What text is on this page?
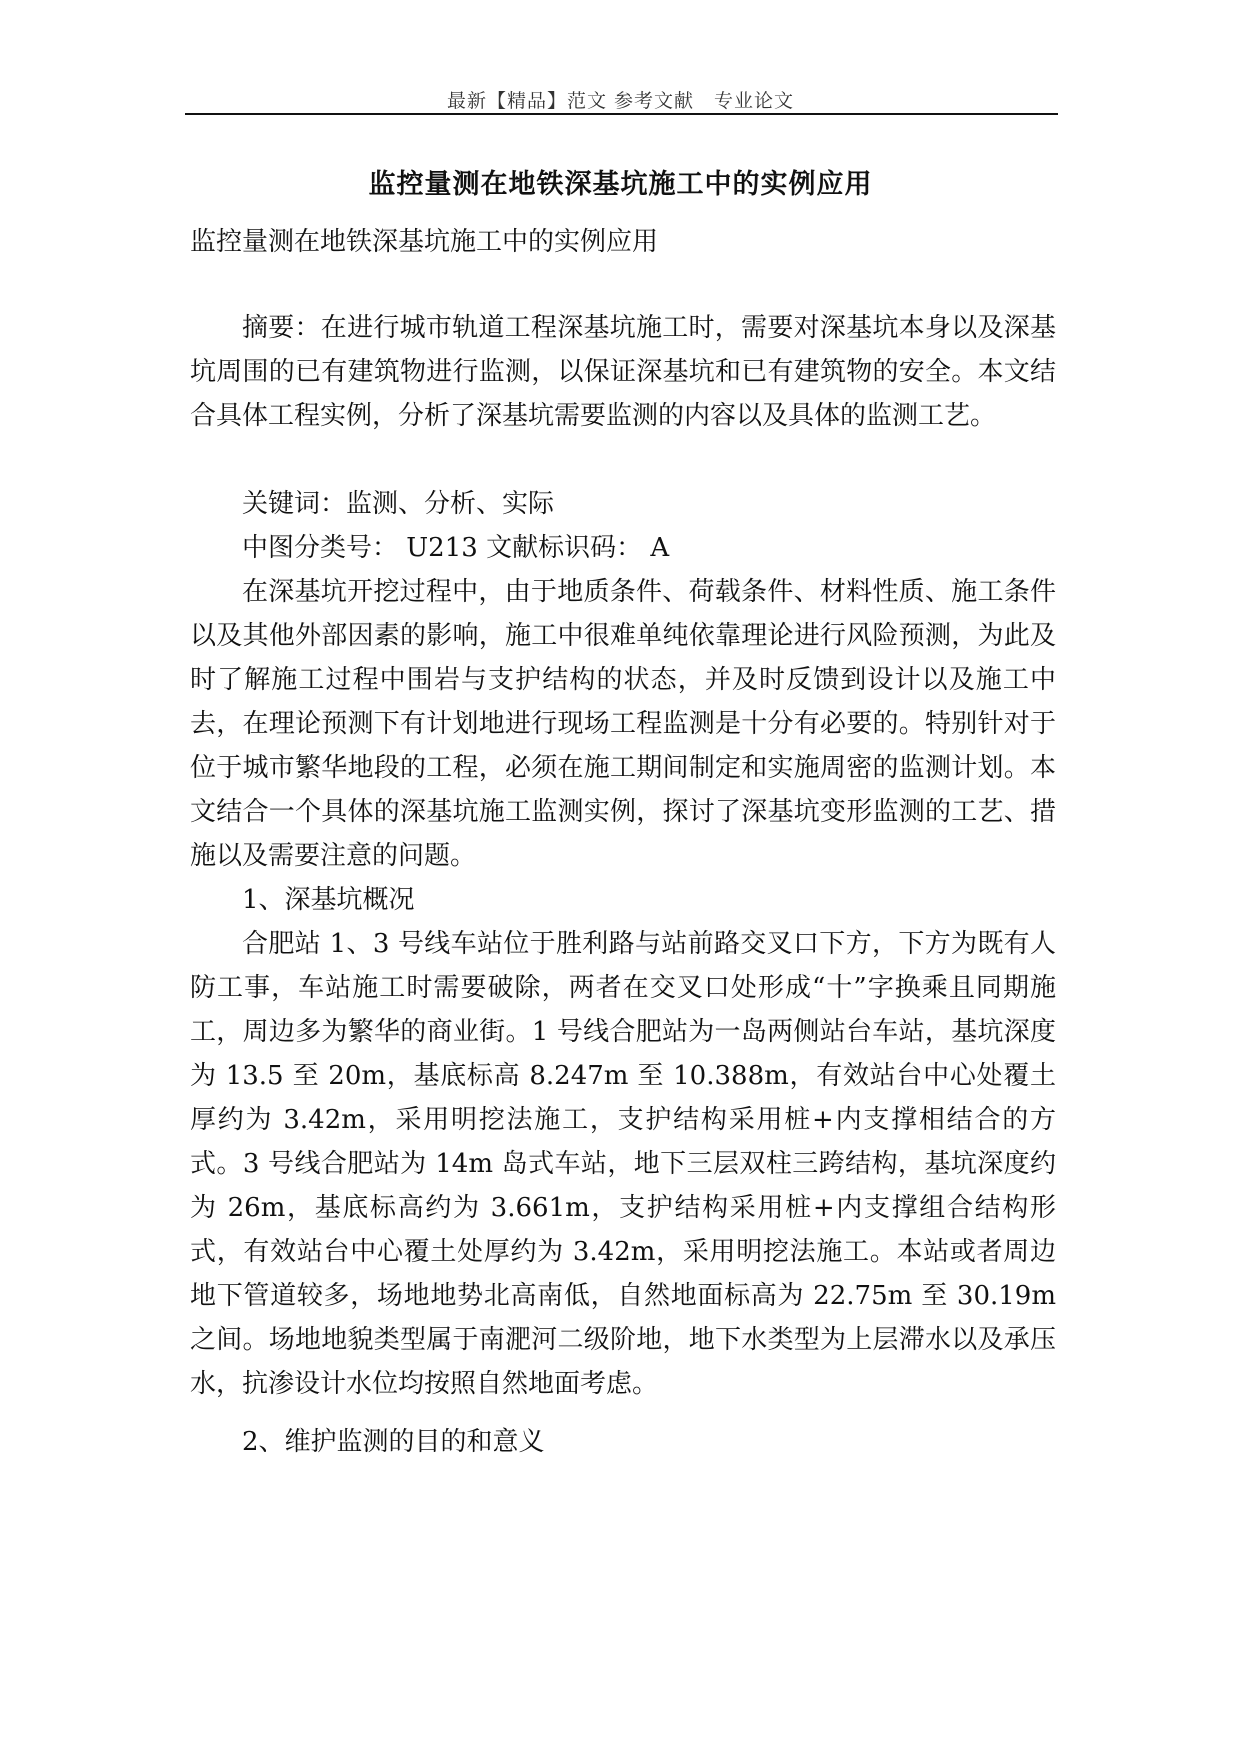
最新【精品】范文 参考文献　专业论文
监控量测在地铁深基坑施工中的实例应用

监控量测在地铁深基坑施工中的实例应用

摘要：在进行城市轨道工程深基坑施工时，需要对深基坑本身以及深基坑周围的已有建筑物进行监测，以保证深基坑和已有建筑物的安全。本文结合具体工程实例，分析了深基坑需要监测的内容以及具体的监测工艺。

关键词：监测、分析、实际

中图分类号： U213 文献标识码： A

在深基坑开挖过程中，由于地质条件、荷载条件、材料性质、施工条件以及其他外部因素的影响，施工中很难单纯依靠理论进行风险预测，为此及时了解施工过程中围岩与支护结构的状态，并及时反馈到设计以及施工中去，在理论预测下有计划地进行现场工程监测是十分有必要的。特别针对于位于城市繁华地段的工程，必须在施工期间制定和实施周密的监测计划。本文结合一个具体的深基坑施工监测实例，探讨了深基坑变形监测的工艺、措施以及需要注意的问题。

1、深基坑概况

合肥站 1、3 号线车站位于胜利路与站前路交叉口下方，下方为既有人防工事，车站施工时需要破除，两者在交叉口处形成“十”字换乘且同期施工，周边多为繁华的商业街。1 号线合肥站为一岛两侧站台车站，基坑深度为 13.5 至 20m，基底标高 8.247m 至 10.388m，有效站台中心处覆土厚约为 3.42m，采用明挖法施工，支护结构采用桩+内支撑相结合的方式。3 号线合肥站为 14m 岛式车站，地下三层双柱三跨结构，基坑深度约为 26m，基底标高约为 3.661m，支护结构采用桩+内支撑组合结构形式，有效站台中心覆土处厚约为 3.42m，采用明挖法施工。本站或者周边地下管道较多，场地地势北高南低，自然地面标高为 22.75m 至 30.19m 之间。场地地貌类型属于南淝河二级阶地，地下水类型为上层滞水以及承压水，抗渗设计水位均按照自然地面考虑。

2、维护监测的目的和意义
